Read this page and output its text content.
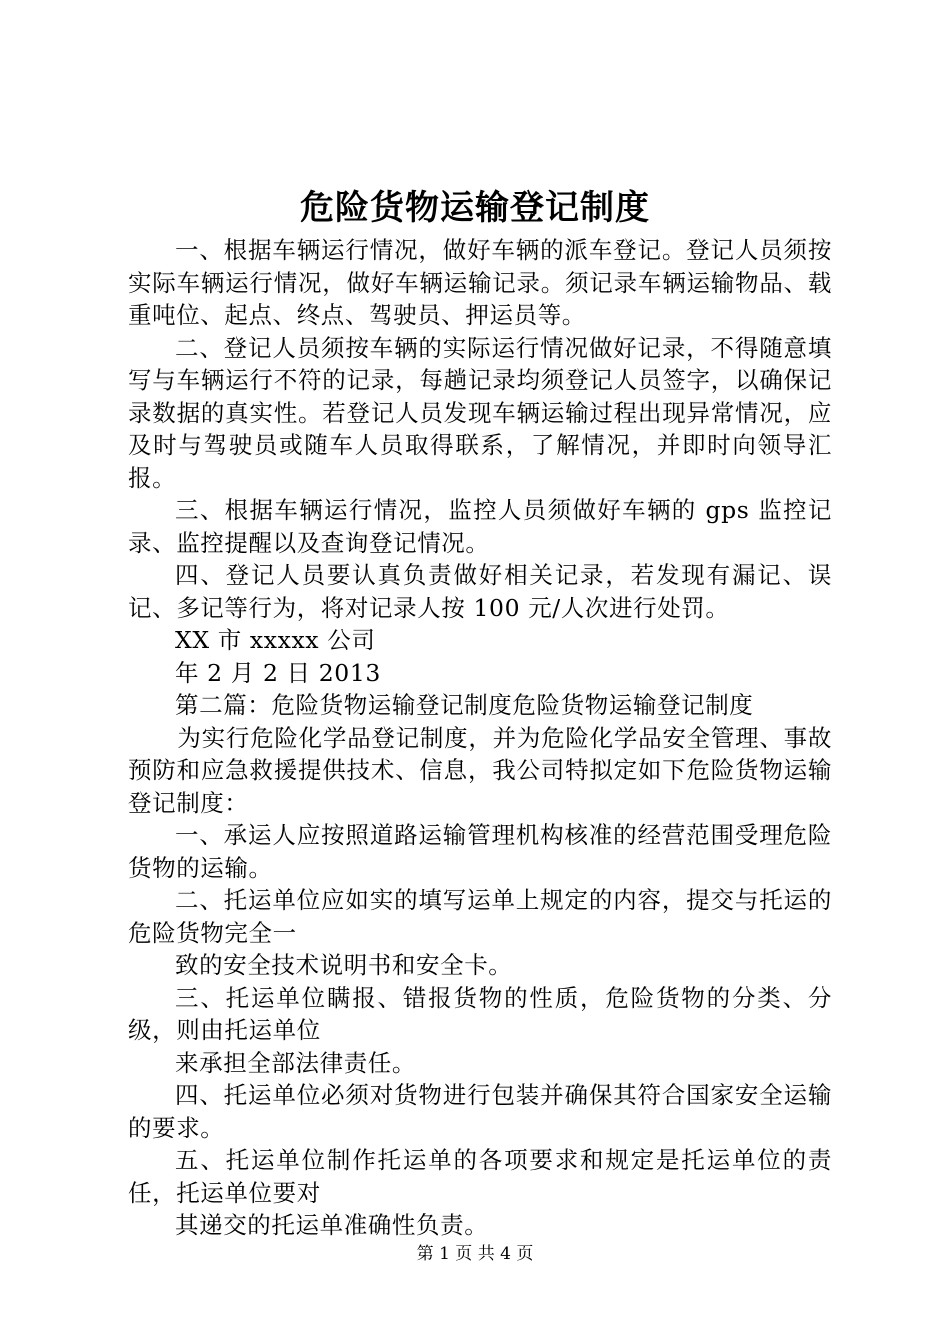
危险货物运输登记制度

一、根据车辆运行情况，做好车辆的派车登记。登记人员须按实际车辆运行情况，做好车辆运输记录。须记录车辆运输物品、载重吨位、起点、终点、驾驶员、押运员等。

二、登记人员须按车辆的实际运行情况做好记录，不得随意填写与车辆运行不符的记录，每趟记录均须登记人员签字，以确保记录数据的真实性。若登记人员发现车辆运输过程出现异常情况，应及时与驾驶员或随车人员取得联系，了解情况，并即时向领导汇报。

三、根据车辆运行情况，监控人员须做好车辆的 gps 监控记录、监控提醒以及查询登记情况。

四、登记人员要认真负责做好相关记录，若发现有漏记、误记、多记等行为，将对记录人按 100 元/人次进行处罚。

XX 市 xxxxx 公司

年 2 月 2 日 2013

第二篇：危险货物运输登记制度危险货物运输登记制度

为实行危险化学品登记制度，并为危险化学品安全管理、事故预防和应急救援提供技术、信息，我公司特拟定如下危险货物运输登记制度：

一、承运人应按照道路运输管理机构核准的经营范围受理危险货物的运输。

二、托运单位应如实的填写运单上规定的内容，提交与托运的危险货物完全一

致的安全技术说明书和安全卡。

三、托运单位瞒报、错报货物的性质，危险货物的分类、分级，则由托运单位

来承担全部法律责任。

四、托运单位必须对货物进行包装并确保其符合国家安全运输的要求。

五、托运单位制作托运单的各项要求和规定是托运单位的责任，托运单位要对

其递交的托运单准确性负责。

第 1 页 共 4 页
